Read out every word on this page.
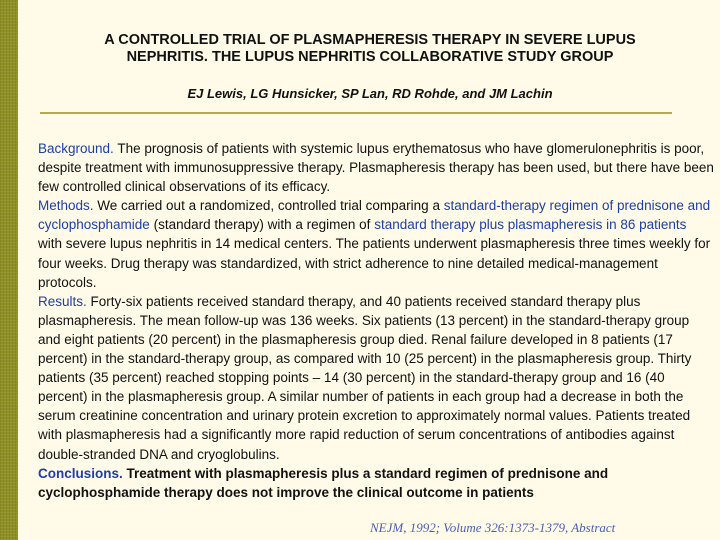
A CONTROLLED TRIAL OF PLASMAPHERESIS THERAPY IN SEVERE LUPUS
NEPHRITIS. THE LUPUS NEPHRITIS COLLABORATIVE STUDY GROUP
EJ Lewis, LG Hunsicker, SP Lan, RD Rohde, and JM Lachin

Background. The prognosis of patients with systemic lupus erythematosus who have glomerulonephritis is poor, despite treatment with immunosuppressive therapy. Plasmapheresis therapy has been used, but there have been few controlled clinical observations of its efficacy.

Methods. We carried out a randomized, controlled trial comparing a standard-therapy regimen of prednisone and cyclophosphamide (standard therapy) with a regimen of standard therapy plus plasmapheresis in 86 patients with severe lupus nephritis in 14 medical centers. The patients underwent plasmapheresis three times weekly for four weeks. Drug therapy was standardized, with strict adherence to nine detailed medical-management protocols.

Results. Forty-six patients received standard therapy, and 40 patients received standard therapy plus plasmapheresis. The mean follow-up was 136 weeks. Six patients (13 percent) in the standard-therapy group and eight patients (20 percent) in the plasmapheresis group died. Renal failure developed in 8 patients (17 percent) in the standard-therapy group, as compared with 10 (25 percent) in the plasmapheresis group. Thirty patients (35 percent) reached stopping points – 14 (30 percent) in the standard-therapy group and 16 (40 percent) in the plasmapheresis group. A similar number of patients in each group had a decrease in both the serum creatinine concentration and urinary protein excretion to approximately normal values. Patients treated with plasmapheresis had a significantly more rapid reduction of serum concentrations of antibodies against double-stranded DNA and cryoglobulins.

Conclusions. Treatment with plasmapheresis plus a standard regimen of prednisone and cyclophosphamide therapy does not improve the clinical outcome in patients

NEJM, 1992; Volume 326:1373-1379, Abstract
